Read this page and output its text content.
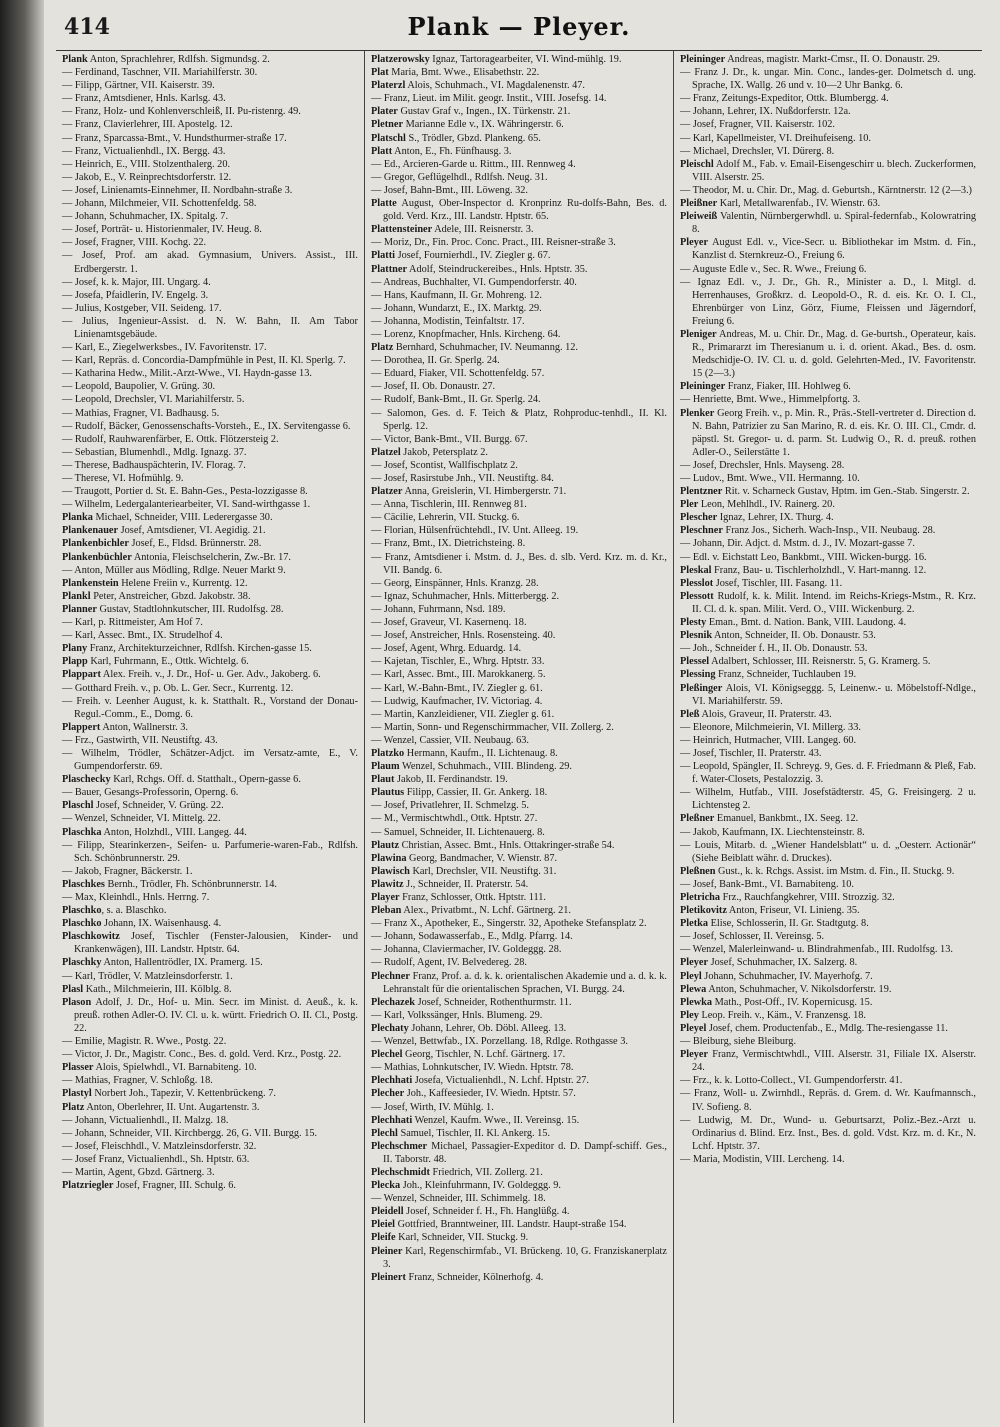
414	Plank — Pleyer.
Plank Anton, Sprachlehrer, Rdlfsh. Sigmundsg. 2.
— Ferdinand, Taschner, VII. Mariahilferstr. 30.
— Filipp, Gärtner, VII. Kaiserstr. 39.
— Franz, Amtsdiener, Hnls. Karlsg. 43.
— Franz, Holz- und Kohlenverschleiß, II. Pu-ristenrg. 49.
— Franz, Clavierlehrer, III. Apostelg. 12.
— Franz, Sparcassa-Bmt., V. Hundsthurmer-straße 17.
— Franz, Victualienhdl., IX. Bergg. 43.
— Heinrich, E., VIII. Stolzenthalerg. 20.
— Jakob, E., V. Reinprechtsdorferstr. 12.
— Josef, Linienamts-Einnehmer, II. Nordbahn-straße 3.
— Johann, Milchmeier, VII. Schottenfeldg. 58.
— Johann, Schuhmacher, IX. Spitalg. 7.
— Josef, Porträt- u. Historienmaler, IV. Heug. 8.
— Josef, Fragner, VIII. Kochg. 22.
— Josef, Prof. am akad. Gymnasium, Univers. Assist., III. Erdbergerstr. 1.
— Josef, k. k. Major, III. Ungarg. 4.
— Josefa, Pfaidlerin, IV. Engelg. 3.
— Julius, Kostgeber, VII. Seideng. 17.
— Julius, Ingenieur-Assist. d. N. W. Bahn, II. Am Tabor Linienamtsgebäude.
— Karl, E., Ziegelwerksbes., IV. Favoritenstr. 17.
— Karl, Repräs. d. Concordia-Dampfmühle in Pest, II. Kl. Sperlg. 7.
— Katharina Hedw., Milit.-Arzt-Wwe., VI. Haydn-gasse 13.
— Leopold, Baupolier, V. Grüng. 30.
— Leopold, Drechsler, VI. Mariahilferstr. 5.
— Mathias, Fragner, VI. Badhausg. 5.
— Rudolf, Bäcker, Genossenschafts-Vorsteh., E., IX. Servitengasse 6.
— Rudolf, Rauhwarenfärber, E. Ottk. Flötzersteig 2.
— Sebastian, Blumenhdl., Mdlg. Ignazg. 37.
— Therese, Badhauspächterin, IV. Florag. 7.
— Therese, VI. Hofmühlg. 9.
— Traugott, Portier d. St. E. Bahn-Ges., Pesta-lozzigasse 8.
— Wilhelm, Ledergalanteriearbeiter, VI. Sand-wirthgasse 1.
Planka Michael, Schneider, VIII. Lederergasse 30.
Plankenauer Josef, Amtsdiener, VI. Aegidig. 21.
Plankenbichler Josef, E., Fldsd. Brünnerstr. 28.
Plankenbüchler Antonia, Fleischselcherin, Zw.-Br. 17.
— Anton, Müller aus Mödling, Rdlge. Neuer Markt 9.
Plankenstein Helene Freiin v., Kurrentg. 12.
Plankl Peter, Anstreicher, Gbzd. Jakobstr. 38.
Planner Gustav, Stadtlohnkutscher, III. Rudolfsg. 28.
— Karl, p. Rittmeister, Am Hof 7.
— Karl, Assec. Bmt., IX. Strudelhof 4.
Plany Franz, Architekturzeichner, Rdlfsh. Kirchen-gasse 15.
Plapp Karl, Fuhrmann, E., Ottk. Wichtelg. 6.
Plappart Alex. Freih. v., J. Dr., Hof- u. Ger. Adv., Jakoberg. 6.
— Gotthard Freih. v., p. Ob. L. Ger. Secr., Kurrentg. 12.
— Freih. v. Leenher August, k. k. Statthalt. R., Vorstand der Donau-Regul.-Comm., E., Domg. 6.
Plappert Anton, Wallnerstr. 3.
— Frz., Gastwirth, VII. Neustiftg. 43.
— Wilhelm, Trödler, Schätzer-Adjct. im Versatz-amte, E., V. Gumpendorferstr. 69.
Plaschecky Karl, Rchgs. Off. d. Statthalt., Opern-gasse 6.
— Bauer, Gesangs-Professorin, Operng. 6.
Plaschl Josef, Schneider, V. Grüng. 22.
— Wenzel, Schneider, VI. Mittelg. 22.
Plaschka Anton, Holzhdl., VIII. Langeg. 44.
— Filipp, Stearinkerzen-, Seifen- u. Parfumerie-waren-Fab., Rdlfsh. Sch. Schönbrunnerstr. 29.
— Jakob, Fragner, Bäckerstr. 1.
Plaschkes Bernh., Trödler, Fh. Schönbrunnerstr. 14.
— Max, Kleinhdl., Hnls. Herrng. 7.
Plaschko, s. a. Blaschko.
Plaschko Johann, IX. Waisenhausg. 4.
Plaschkowitz Josef, Tischler (Fenster-Jalousien, Kinder- und Krankenwägen), III. Landstr. Hptstr. 64.
Plaschky Anton, Hallentrödler, IX. Pramerg. 15.
— Karl, Trödler, V. Matzleinsdorferstr. 1.
Plasl Kath., Milchmeierin, III. Kölblg. 8.
Plason Adolf, J. Dr., Hof- u. Min. Secr. im Minist. d. Aeuß., k. k. preuß. rothen Adler-O. IV. Cl. u. k. württ. Friedrich O. II. Cl., Postg. 22.
— Emilie, Magistr. R. Wwe., Postg. 22.
— Victor, J. Dr., Magistr. Conc., Bes. d. gold. Verd. Krz., Postg. 22.
Plasser Alois, Spielwhdl., VI. Barnabiteng. 10.
— Mathias, Fragner, V. Schloßg. 18.
Plastyl Norbert Joh., Tapezir, V. Kettenbrückeng. 7.
Platz Anton, Oberlehrer, II. Unt. Augartenstr. 3.
— Johann, Victualienhdl., II. Malzg. 18.
— Johann, Schneider, VII. Kirchbergg. 26, G. VII. Burgg. 15.
— Josef, Fleischhdl., V. Matzleinsdorferstr. 32.
— Josef Franz, Victualienhdl., Sh. Hptstr. 63.
— Martin, Agent, Gbzd. Gärtnerg. 3.
Platzriegler Josef, Fragner, III. Schulg. 6.
Platzerowsky Ignaz, Tartoragearbeiter, VI. Wind-mühlg. 19.
Plat Maria, Bmt. Wwe., Elisabethstr. 22.
Platerzl Alois, Schuhmach., VI. Magdalenenstr. 47.
— Franz, Lieut. im Milit. geogr. Instit., VIII. Josefsg. 14.
Plater Gustav Graf v., Ingen., IX. Türkenstr. 21.
Pletner Marianne Edle v., IX. Währingerstr. 6.
Platschl S., Trödler, Gbzd. Plankeng. 65.
Platt Anton, E., Fh. Fünfhausg. 3.
— Ed., Arcieren-Garde u. Rittm., III. Rennweg 4.
— Gregor, Geflügelhdl., Rdlfsh. Neug. 31.
— Josef, Bahn-Bmt., III. Löweng. 32.
Platte August, Ober-Inspector d. Kronprinz Ru-dolfs-Bahn, Bes. d. gold. Verd. Krz., III. Landstr. Hptstr. 65.
Plattensteiner Adele, III. Reisnerstr. 3.
— Moriz, Dr., Fin. Proc. Conc. Pract., III. Reisner-straße 3.
Platti Josef, Fournierhdl., IV. Ziegler g. 67.
Plattner Adolf, Steindruckereibes., Hnls. Hptstr. 35.
— Andreas, Buchhalter, VI. Gumpendorferstr. 40.
— Hans, Kaufmann, II. Gr. Mohreng. 12.
— Johann, Wundarzt, E., IX. Marktg. 29.
— Johanna, Modistin, Teinfaltstr. 17.
— Lorenz, Knopfmacher, Hnls. Kircheng. 64.
Platz Bernhard, Schuhmacher, IV. Neumanng. 12.
— Dorothea, II. Gr. Sperlg. 24.
— Eduard, Fiaker, VII. Schottenfeldg. 57.
— Josef, II. Ob. Donaustr. 27.
— Rudolf, Bank-Bmt., II. Gr. Sperlg. 24.
— Salomon, Ges. d. F. Teich & Platz, Rohproduc-tenhdl., II. Kl. Sperlg. 12.
— Victor, Bank-Bmt., VII. Burgg. 67.
Platzel Jakob, Petersplatz 2.
— Josef, Scontist, Wallfischplatz 2.
— Josef, Rasirstube Jnh., VII. Neustiftg. 84.
Platzer Anna, Greislerin, VI. Himbergerstr. 71.
— Anna, Tischlerin, III. Rennweg 81.
— Cäcilie, Lehrerin, VII. Stuckg. 6.
— Florian, Hülsenfrüchtehdl., IV. Unt. Alleeg. 19.
— Franz, Bmt., IX. Dietrichsteing. 8.
— Franz, Amtsdiener i. Mstm. d. J., Bes. d. slb. Verd. Krz. m. d. Kr., VII. Bandg. 6.
— Georg, Einspänner, Hnls. Kranzg. 28.
— Ignaz, Schuhmacher, Hnls. Mitterbergg. 2.
— Johann, Fuhrmann, Nsd. 189.
— Josef, Graveur, VI. Kasernenq. 18.
— Josef, Anstreicher, Hnls. Rosensteing. 40.
— Josef, Agent, Whrg. Eduardg. 14.
— Kajetan, Tischler, E., Whrg. Hptstr. 33.
— Karl, Assec. Bmt., III. Marokkanerg. 5.
— Karl, W.-Bahn-Bmt., IV. Ziegler g. 61.
— Ludwig, Kaufmacher, IV. Victoriag. 4.
— Martin, Kanzleidiener, VII. Ziegler g. 61.
— Martin, Sonn- und Regenschirmmacher, VII. Zollerg. 2.
— Wenzel, Cassier, VII. Neubaug. 63.
Platzko Hermann, Kaufm., II. Lichtenaug. 8.
Plaum Wenzel, Schuhmach., VIII. Blindeng. 29.
Plaut Jakob, II. Ferdinandstr. 19.
Plautus Filipp, Cassier, II. Gr. Ankerg. 18.
— Josef, Privatlehrer, II. Schmelzg. 5.
— M., Vermischtwhdl., Ottk. Hptstr. 27.
— Samuel, Schneider, II. Lichtenauerg. 8.
Plautz Christian, Assec. Bmt., Hnls. Ottakringer-straße 54.
Plawina Georg, Bandmacher, V. Wienstr. 87.
Plawisch Karl, Drechsler, VII. Neustiftg. 31.
Plawitz J., Schneider, II. Praterstr. 54.
Player Franz, Schlosser, Ottk. Hptstr. 111.
Pleban Alex., Privatbmt., N. Lchf. Gärtnerg. 21.
— Franz X., Apotheker, E., Singerstr. 32, Apotheke Stefansplatz 2.
— Johann, Sodawasserfab., E., Mdlg. Pfarrg. 14.
— Johanna, Claviermacher, IV. Goldeggg. 28.
— Rudolf, Agent, IV. Belvedereg. 28.
Plechner Franz, Prof. a. d. k. k. orientalischen Akademie und a. d. k. k. Lehranstalt für die orientalischen Sprachen, VI. Burgg. 24.
Plechazek Josef, Schneider, Rothenthurmstr. 11.
— Karl, Volkssänger, Hnls. Blumeng. 29.
Plechaty Johann, Lehrer, Ob. Döbl. Alleeg. 13.
— Wenzel, Bettwfab., IX. Porzellang. 18, Rdlge. Rothgasse 3.
Plechel Georg, Tischler, N. Lchf. Gärtnerg. 17.
— Mathias, Lohnkutscher, IV. Wiedn. Hptstr. 78.
Plechhati Josefa, Victualienhdl., N. Lchf. Hptstr. 27.
Plecher Joh., Kaffeesieder, IV. Wiedn. Hptstr. 57.
— Josef, Wirth, IV. Mühlg. 1.
Plechhati Wenzel, Kaufm. Wwe., II. Vereinsg. 15.
Plechl Samuel, Tischler, II. Kl. Ankerg. 15.
Plechschmer Michael, Passagier-Expeditor d. D. Dampf-schiff. Ges., II. Taborstr. 48.
Plechschmidt Friedrich, VII. Zollerg. 21.
Plecka Joh., Kleinfuhrmann, IV. Goldeggg. 9.
— Wenzel, Schneider, III. Schimmelg. 18.
Pleidell Josef, Schneider f. H., Fh. Hanglüßg. 4.
Pleiel Gottfried, Branntweiner, III. Landstr. Haupt-straße 154.
Pleife Karl, Schneider, VII. Stuckg. 9.
Pleiner Karl, Regenschirmfab., VI. Brückeng. 10, G. Franziskanerplatz 3.
Pleinert Franz, Schneider, Kölnerhofg. 4.
Pleininger Andreas, magistr. Markt-Cmsr., II. O. Donaustr. 29.
— Franz J. Dr., k. ungar. Min. Conc., landes-ger. Dolmetsch d. ung. Sprache, IX. Wallg. 26 und v. 10—2 Uhr Bankg. 6.
— Franz, Zeitungs-Expeditor, Ottk. Blumbergg. 4.
— Johann, Lehrer, IX. Nußdorferstr. 12a.
— Josef, Fragner, VII. Kaiserstr. 102.
— Karl, Kapellmeister, VI. Dreihufeiseng. 10.
— Michael, Drechsler, VI. Dürerg. 8.
Pleischl Adolf M., Fab. v. Email-Eisengeschirr u. blech. Zuckerformen, VIII. Alserstr. 25.
— Theodor, M. u. Chir. Dr., Mag. d. Geburtsh., Kärntnerstr. 12 (2—3.)
Pleißner Karl, Metallwarenfab., IV. Wienstr. 63.
Pleiweiß Valentin, Nürnbergerwhdl. u. Spiral-federnfab., Kolowratring 8.
Pleyer August Edl. v., Vice-Secr. u. Bibliothekar im Mstm. d. Fin., Kanzlist d. Sternkreuz-O., Freiung 6.
— Auguste Edle v., Sec. R. Wwe., Freiung 6.
— Ignaz Edl. v., J. Dr., Gh. R., Minister a. D., l. Mitgl. d. Herrenhauses, Großkrz. d. Leopold-O., R. d. eis. Kr. O. I. Cl., Ehrenbürger von Linz, Görz, Fiume, Fleissen und Jägerndorf, Freiung 6.
Pleniger Andreas, M. u. Chir. Dr., Mag. d. Ge-burtsh., Operateur, kais. R., Primararzt im Theresianum u. i. d. orient. Akad., Bes. d. osm. Medschidje-O. IV. Cl. u. d. gold. Gelehrten-Med., IV. Favoritenstr. 15 (2—3.)
Pleininger Franz, Fiaker, III. Hohlweg 6.
— Henriette, Bmt. Wwe., Himmelpfortg. 3.
Plenker Georg Freih. v., p. Min. R., Präs.-Stell-vertreter d. Direction d. N. Bahn, Patrizier zu San Marino, R. d. eis. Kr. O. III. Cl., Cmdr. d. päpstl. St. Gregor- u. d. parm. St. Ludwig O., R. d. preuß. rothen Adler-O., Seilerstätte 1.
— Josef, Drechsler, Hnls. Mayseng. 28.
— Ludov., Bmt. Wwe., VII. Hermanng. 10.
Plentzner Rit. v. Scharneck Gustav, Hptm. im Gen.-Stab. Singerstr. 2.
Pler Leon, Mehlhdl., IV. Rainerg. 20.
Plescher Ignaz, Lehrer, IX. Thurg. 4.
Pleschner Franz Jos., Sicherh. Wach-Insp., VII. Neubaug. 28.
— Johann, Dir. Adjct. d. Mstm. d. J., IV. Mozart-gasse 7.
— Edl. v. Eichstatt Leo, Bankbmt., VIII. Wicken-burgg. 16.
Pleskal Franz, Bau- u. Tischlerholzhdl., V. Hart-manng. 12.
Plesslot Josef, Tischler, III. Fasang. 11.
Plessott Rudolf, k. k. Milit. Intend. im Reichs-Kriegs-Mstm., R. Krz. II. Cl. d. k. span. Milit. Verd. O., VIII. Wickenburg. 2.
Plesty Eman., Bmt. d. Nation. Bank, VIII. Laudong. 4.
Plesnik Anton, Schneider, II. Ob. Donaustr. 53.
— Joh., Schneider f. H., II. Ob. Donaustr. 53.
Plessel Adalbert, Schlosser, III. Reisnerstr. 5, G. Kramerg. 5.
Plessing Franz, Schneider, Tuchlauben 19.
Pleßinger Alois, VI. Königseggg. 5, Leinenw.- u. Möbelstoff-Ndlge., VI. Mariahilferstr. 59.
Pleß Alois, Graveur, II. Praterstr. 43.
— Eleonore, Milchmeierin, VI. Millerg. 33.
— Heinrich, Hutmacher, VIII. Langeg. 60.
— Josef, Tischler, II. Praterstr. 43.
— Leopold, Spängler, II. Schreyg. 9, Ges. d. F. Friedmann & Pleß, Fab. f. Water-Closets, Pestalozzig. 3.
— Wilhelm, Hutfab., VIII. Josefstädterstr. 45, G. Freisingerg. 2 u. Lichtensteg 2.
Pleßner Emanuel, Bankbmt., IX. Seeg. 12.
— Jakob, Kaufmann, IX. Liechtensteinstr. 8.
— Louis, Mitarb. d. „Wiener Handelsblatt“ u. d. „Oesterr. Actionär“ (Siehe Beiblatt währ. d. Druckes).
Pleßnen Gust., k. k. Rchgs. Assist. im Mstm. d. Fin., II. Stuckg. 9.
— Josef, Bank-Bmt., VI. Barnabiteng. 10.
Pletricha Frz., Rauchfangkehrer, VIII. Strozzig. 32.
Pletikovitz Anton, Friseur, VI. Linieng. 35.
Pletka Elise, Schlosserin, II. Gr. Stadtgutg. 8.
— Josef, Schlosser, II. Vereinsg. 5.
— Wenzel, Malerleinwand- u. Blindrahmenfab., III. Rudolfsg. 13.
Pleyer Josef, Schuhmacher, IX. Salzerg. 8.
Pleyl Johann, Schuhmacher, IV. Mayerhofg. 7.
Plewa Anton, Schuhmacher, V. Nikolsdorferstr. 19.
Plewka Math., Post-Off., IV. Kopernicusg. 15.
Pley Leop. Freih. v., Käm., V. Franzensg. 18.
Pleyel Josef, chem. Productenfab., E., Mdlg. The-resiengasse 11.
— Bleiburg, siehe Bleiburg.
Pleyer Franz, Vermischtwhdl., VIII. Alserstr. 31, Filiale IX. Alserstr. 24.
— Frz., k. k. Lotto-Collect., VI. Gumpendorferstr. 41.
— Franz, Woll- u. Zwirnhdl., Repräs. d. Grem. d. Wr. Kaufmannsch., IV. Sofieng. 8.
— Ludwig, M. Dr., Wund- u. Geburtsarzt, Poliz.-Bez.-Arzt u. Ordinarius d. Blind. Erz. Inst., Bes. d. gold. Vdst. Krz. m. d. Kr., N. Lchf. Hptstr. 37.
— Maria, Modistin, VIII. Lercheng. 14.
